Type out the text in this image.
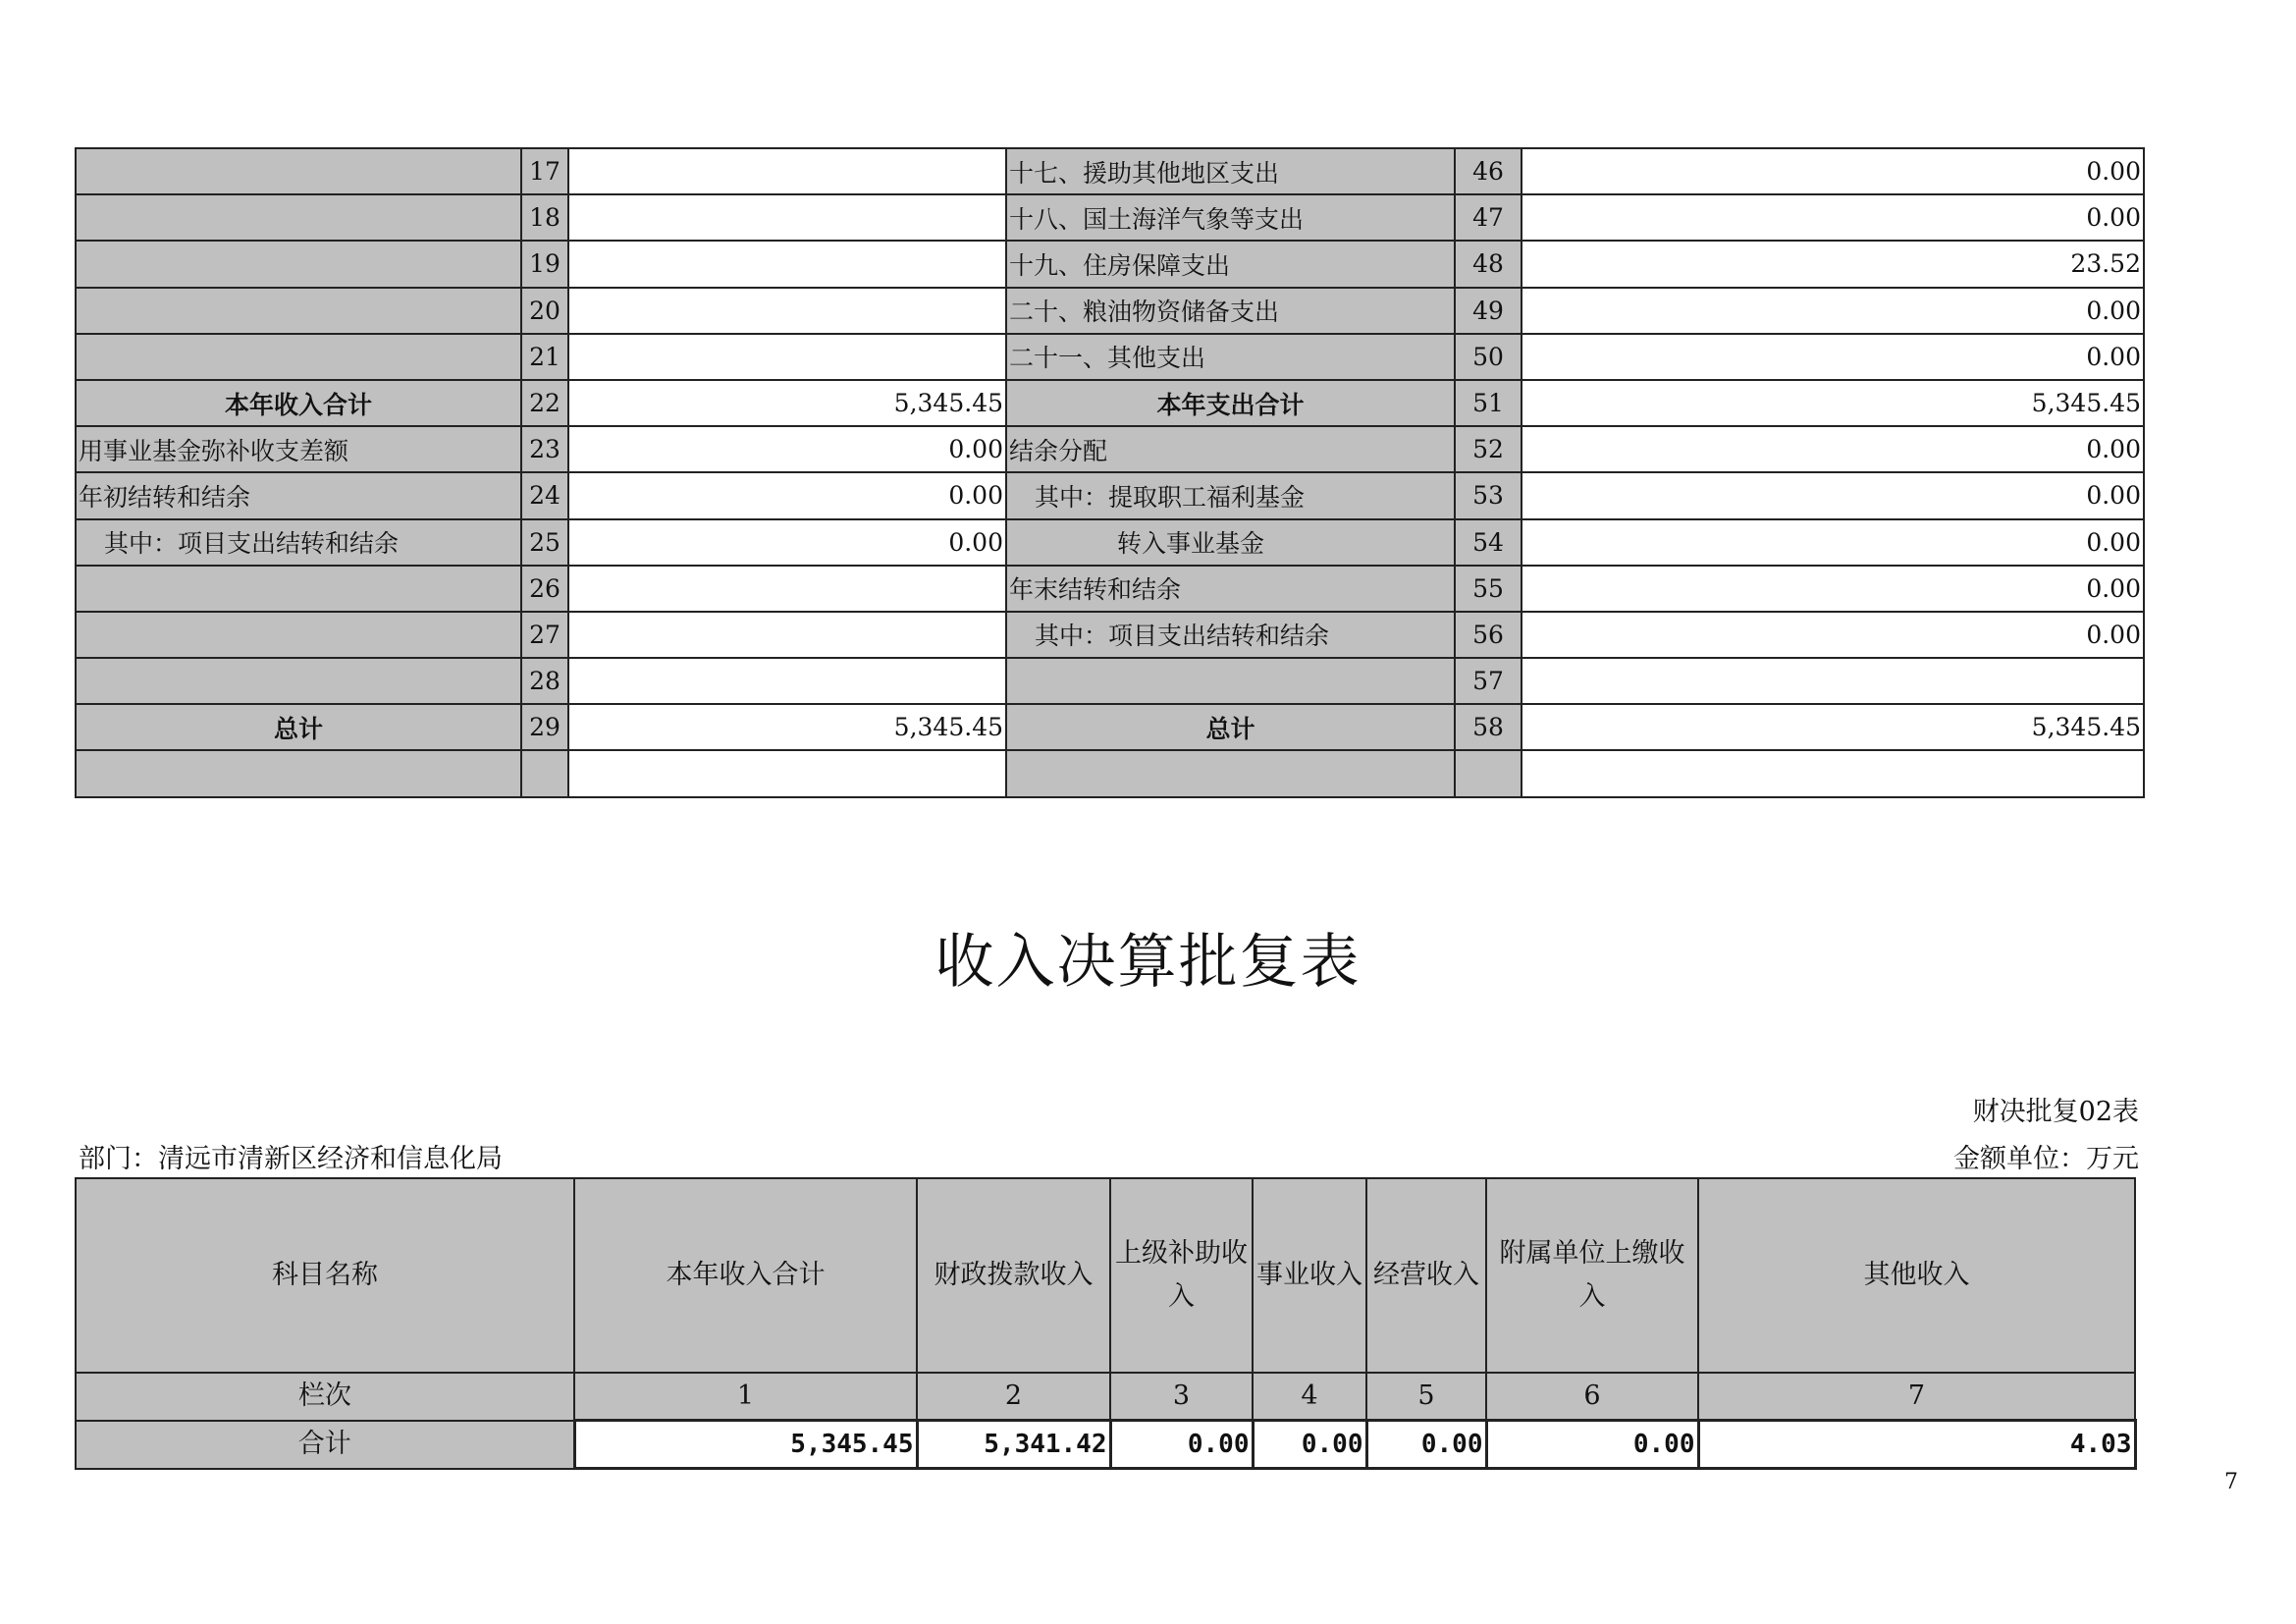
	17		十七、援助其他地区支出	46	0.00
	18		十八、国土海洋气象等支出	47	0.00
	19		十九、住房保障支出	48	23.52
	20		二十、粮油物资储备支出	49	0.00
	21		二十一、其他支出	50	0.00
本年收入合计	22	5,345.45	本年支出合计	51	5,345.45
用事业基金弥补收支差额	23	0.00	结余分配	52	0.00
年初结转和结余	24	0.00	其中：提取职工福利基金	53	0.00
其中：项目支出结转和结余	25	0.00	转入事业基金	54	0.00
	26		年末结转和结余	55	0.00
	27		其中：项目支出结转和结余	56	0.00
	28			57	
总计	29	5,345.45	总计	58	5,345.45

收入决算批复表
财决批复02表
部门：清远市清新区经济和信息化局	金额单位：万元
科目名称	本年收入合计	财政拨款收入	上级补助收入	事业收入	经营收入	附属单位上缴收入	其他收入
栏次	1	2	3	4	5	6	7
合计	5,345.45	5,341.42	0.00	0.00	0.00	0.00	4.03
7
